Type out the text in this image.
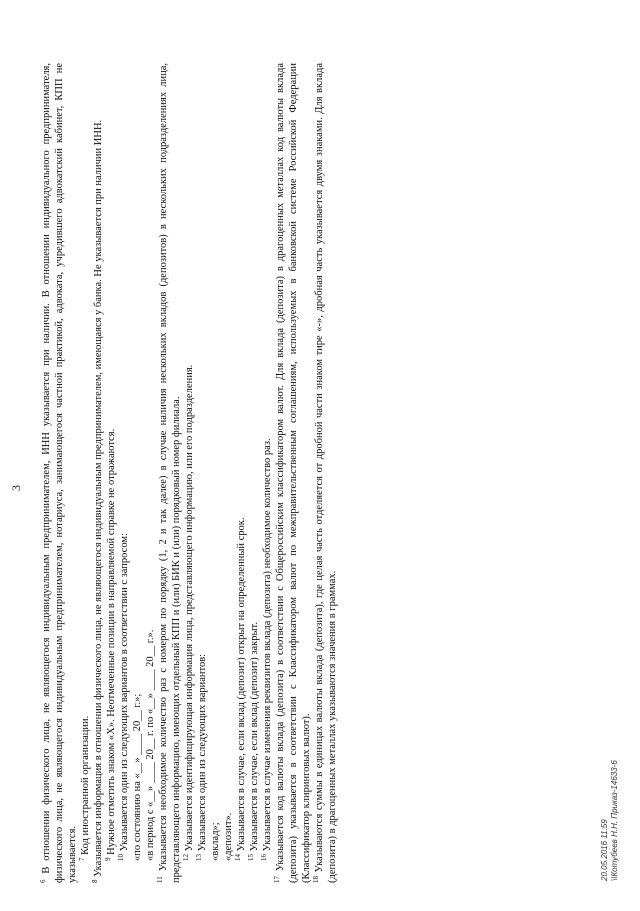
3

$^6$ В отношении физического лица, не являющегося индивидуальным предпринимателем, ИНН указывается при наличии. В отношении индивидуального предпринимателя, физического лица, не являющегося индивидуальным предпринимателем, нотариуса, занимающегося частной практикой, адвоката, учредившего адвокатский кабинет, КПП не указывается. $^7$ Код иностранной организации.

$^8$ Указывается информация в отношении физического лица, не являющегося индивидуальным предпринимателем, имеющаяся у банка. Не указывается при наличии ИНН. $^9$ Нужное отметить знаком «X». Неотмеченные позиции в направляемой справке не отражаются.

$^{10}$ Указывается один из следующих вариантов в соответствии с запросом: «по состоянию на «__» ____ 20__ г.»; «в период с «__» ____ 20__ г. по «__» ____ 20__ г.».

$^{11}$ Указывается необходимое количество раз с номером по порядку (1, 2 и так далее) в случае наличия нескольких вкладов (депозитов) в нескольких подразделениях лица, представляющего информацию, имеющих отдельный КПП и (или) БИК и (или) порядковый номер филиала. $^{12}$ Указывается идентифицирующая информация лица, представляющего информацию, или его подразделения.

$^{13}$ Указывается один из следующих вариантов: «вклад»; «депозит». $^{14}$ Указывается в случае, если вклад (депозит) открыт на определенный срок.

$^{15}$ Указывается в случае, если вклад (депозит) закрыт.

$^{16}$ Указывается в случае изменения реквизитов вклада (депозита) необходимое количество раз.

$^{17}$ Указывается код валюты вклада (депозита) в соответствии с Общероссийским классификатором валют. Для вклада (депозита) в драгоценных металлах код валюты вклада (депозита) указывается в соответствии с Классификатором валют по межправительственным соглашениям, используемых в банковской системе Российской Федерации (Классификатор клиринговых валют). $^{18}$ Указываются суммы в единицах валюты вклада (депозита), где целая часть отделяется от дробной части знаком тире «-», дробная часть указывается двумя знаками. Для вклада (депозита) в драгоценных металлах указываются значения в граммах.	20.05.2016 11:59 \\Котубеев Н.Н. Приказ-14633-6
